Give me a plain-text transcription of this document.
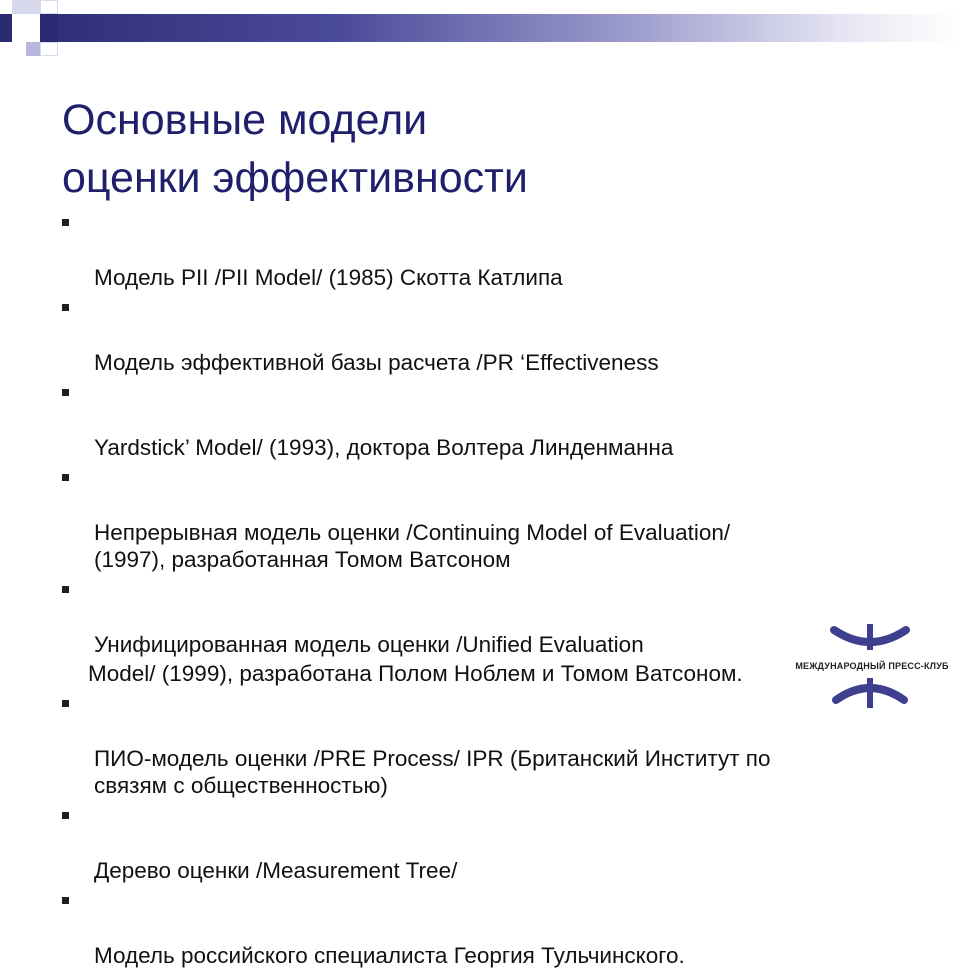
Основные модели
оценки эффективности

Модель PII /PII Model/ (1985) Скотта Катлипа

Модель эффективной базы расчета /PR ‘Effectiveness

Yardstick’ Model/ (1993), доктора Волтера Линденманна

Непрерывная модель оценки /Continuing Model of Evaluation/
(1997), разработанная Томом Ватсоном

Унифицированная модель оценки /Unified Evaluation

Model/ (1999), разработана Полом Ноблем и Томом Ватсоном.

ПИО-модель оценки /PRE Process/ IPR (Британский Институт по
связям с общественностью)

Дерево оценки /Measurement Tree/

Модель российского специалиста Георгия Тульчинского.

МЕЖДУНАРОДНЫЙ ПРЕСС-КЛУБ
